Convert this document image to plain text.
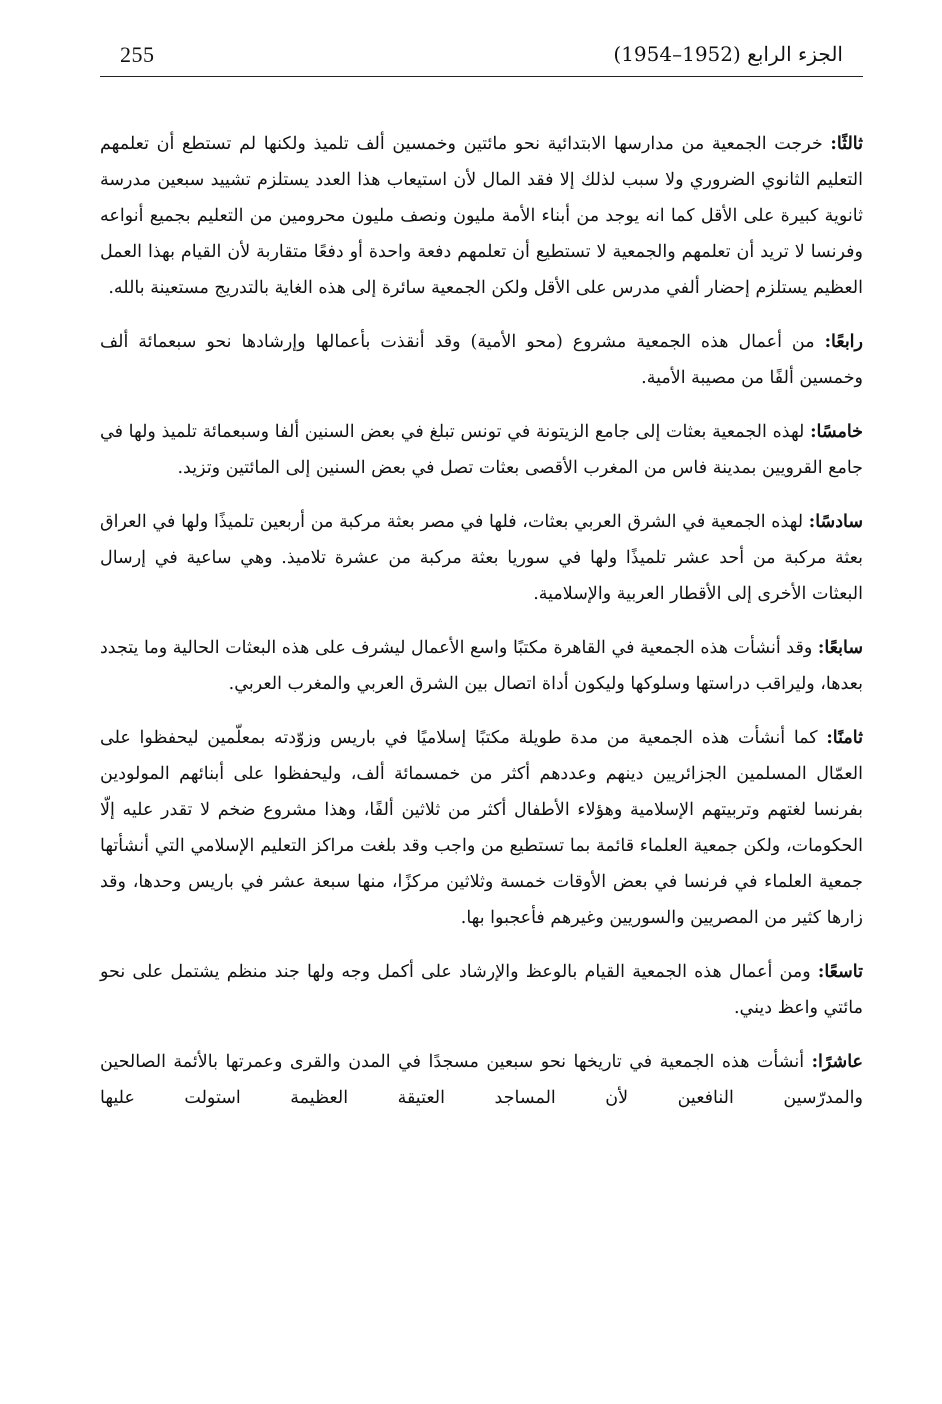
255	الجزء الرابع (1952–1954)

ثالثًا: خرجت الجمعية من مدارسها الابتدائية نحو مائتين وخمسين ألف تلميذ ولكنها لم تستطع أن تعلمهم التعليم الثانوي الضروري ولا سبب لذلك إلا فقد المال لأن استيعاب هذا العدد يستلزم تشييد سبعين مدرسة ثانوية كبيرة على الأقل كما انه يوجد من أبناء الأمة مليون ونصف مليون محرومين من التعليم بجميع أنواعه وفرنسا لا تريد أن تعلمهم والجمعية لا تستطيع أن تعلمهم دفعة واحدة أو دفعًا متقاربة لأن القيام بهذا العمل العظيم يستلزم إحضار ألفي مدرس على الأقل ولكن الجمعية سائرة إلى هذه الغاية بالتدريج مستعينة بالله.

رابعًا: من أعمال هذه الجمعية مشروع (محو الأمية) وقد أنقذت بأعمالها وإرشادها نحو سبعمائة ألف وخمسين ألفًا من مصيبة الأمية.

خامسًا: لهذه الجمعية بعثات إلى جامع الزيتونة في تونس تبلغ في بعض السنين ألفا وسبعمائة تلميذ ولها في جامع القرويين بمدينة فاس من المغرب الأقصى بعثات تصل في بعض السنين إلى المائتين وتزيد.

سادسًا: لهذه الجمعية في الشرق العربي بعثات، فلها في مصر بعثة مركبة من أربعين تلميذًا ولها في العراق بعثة مركبة من أحد عشر تلميذًا ولها في سوريا بعثة مركبة من عشرة تلاميذ. وهي ساعية في إرسال البعثات الأخرى إلى الأقطار العربية والإسلامية.

سابعًا: وقد أنشأت هذه الجمعية في القاهرة مكتبًا واسع الأعمال ليشرف على هذه البعثات الحالية وما يتجدد بعدها، وليراقب دراستها وسلوكها وليكون أداة اتصال بين الشرق العربي والمغرب العربي.

ثامنًا: كما أنشأت هذه الجمعية من مدة طويلة مكتبًا إسلاميًا في باريس وزوّدته بمعلّمين ليحفظوا على العمّال المسلمين الجزائريين دينهم وعددهم أكثر من خمسمائة ألف، وليحفظوا على أبنائهم المولودين بفرنسا لغتهم وتربيتهم الإسلامية وهؤلاء الأطفال أكثر من ثلاثين ألفًا، وهذا مشروع ضخم لا تقدر عليه إلّا الحكومات، ولكن جمعية العلماء قائمة بما تستطيع من واجب وقد بلغت مراكز التعليم الإسلامي التي أنشأتها جمعية العلماء في فرنسا في بعض الأوقات خمسة وثلاثين مركزًا، منها سبعة عشر في باريس وحدها، وقد زارها كثير من المصريين والسوريين وغيرهم فأعجبوا بها.

تاسعًا: ومن أعمال هذه الجمعية القيام بالوعظ والإرشاد على أكمل وجه ولها جند منظم يشتمل على نحو مائتي واعظ ديني.

عاشرًا: أنشأت هذه الجمعية في تاريخها نحو سبعين مسجدًا في المدن والقرى وعمرتها بالأئمة الصالحين والمدرّسين النافعين لأن المساجد العتيقة العظيمة استولت عليها
